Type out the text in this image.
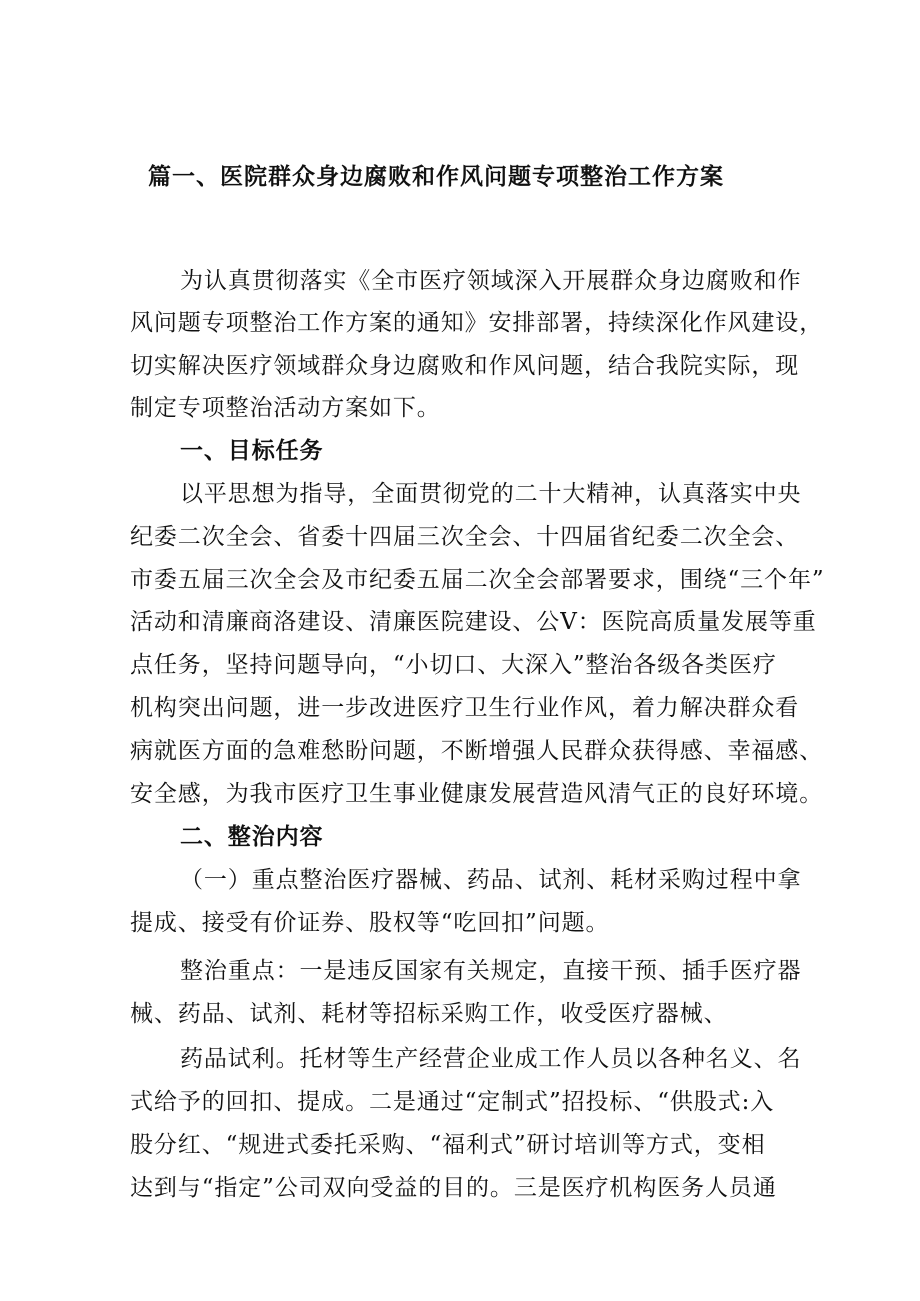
篇一、医院群众身边腐败和作风问题专项整治工作方案
为认真贯彻落实《全市医疗领域深入开展群众身边腐败和作
风问题专项整治工作方案的通知》安排部署，持续深化作风建设，
切实解决医疗领域群众身边腐败和作风问题，结合我院实际，现
制定专项整治活动方案如下。
一、目标任务
以平思想为指导，全面贯彻党的二十大精神，认真落实中央
纪委二次全会、省委十四届三次全会、十四届省纪委二次全会、
市委五届三次全会及市纪委五届二次全会部署要求，围绕“三个年”
活动和清廉商洛建设、清廉医院建设、公V：医院高质量发展等重
点任务，坚持问题导向，“小切口、大深入”整治各级各类医疗
机构突出问题，进一步改进医疗卫生行业作风，着力解决群众看
病就医方面的急难愁盼问题，不断增强人民群众获得感、幸福感、
安全感，为我市医疗卫生事业健康发展营造风清气正的良好环境。
二、整治内容
（一）重点整治医疗器械、药品、试剂、耗材采购过程中拿
提成、接受有价证券、股权等“吃回扣”问题。
整治重点：一是违反国家有关规定，直接干预、插手医疗器
械、药品、试剂、耗材等招标采购工作，收受医疗器械、
药品试利。托材等生产经营企业成工作人员以各种名义、名
式给予的回扣、提成。二是通过“定制式”招投标、“供股式:入
股分红、“规进式委托采购、“福利式”研讨培训等方式，变相
达到与“指定”公司双向受益的目的。三是医疗机构医务人员通
